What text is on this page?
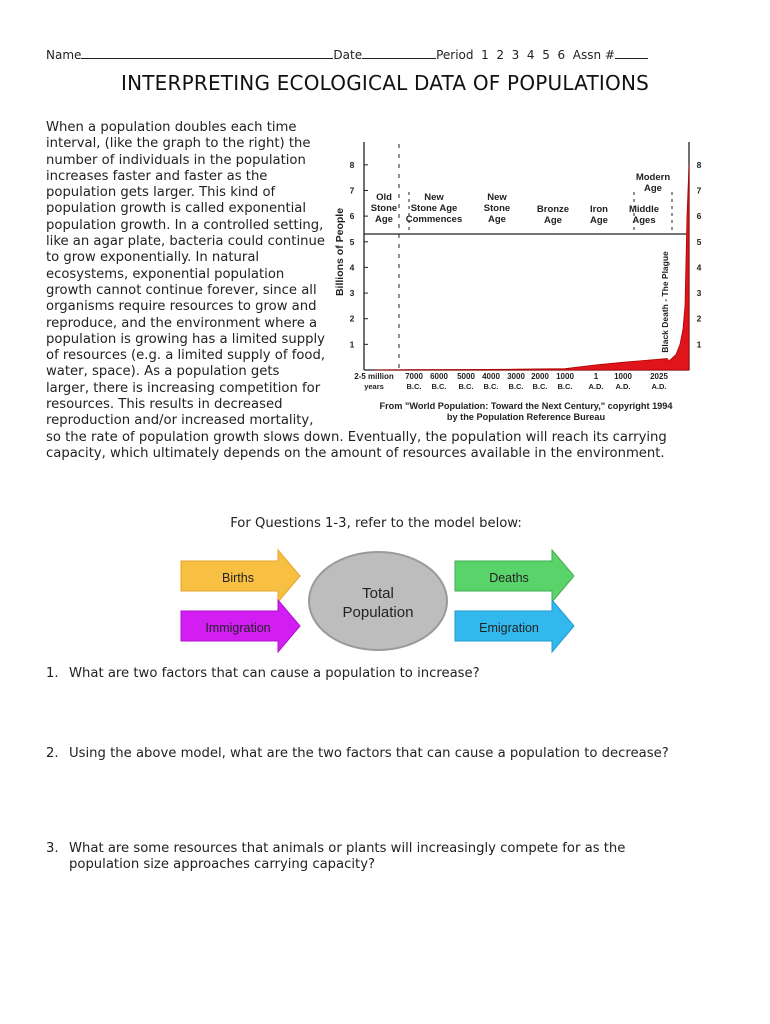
Name	Date	Period  1  2  3  4  5  6 Assn #
INTERPRETING ECOLOGICAL DATA OF POPULATIONS
1
2
3
4
5
6
7
8
1
2
3
4
5
6
7
8
Billions of People
Old Stone Age
New Stone Age Commences
New Stone Age
Bronze Age
Iron Age
Middle Ages
Modern Age
Black Death - The Plague
2-5 million
years
7000
B.C.
6000
B.C.
5000
B.C.
4000
B.C.
3000
B.C.
2000
B.C.
1000
B.C.
1
A.D.
1000
A.D.
2025
A.D.
From "World Population: Toward the Next Century," copyright 1994
by the Population Reference Bureau
When a population doubles each time interval, (like the graph to the right) the number of individuals in the population increases faster and faster as the population gets larger. This kind of population growth is called exponential population growth. In a controlled setting, like an agar plate, bacteria could continue to grow exponentially. In natural ecosystems, exponential population growth cannot continue forever, since all organisms require resources to grow and reproduce, and the environment where a population is growing has a limited supply of resources (e.g. a limited supply of food, water, space). As a population gets larger, there is increasing competition for resources. This results in decreased reproduction and/or increased mortality, so the rate of population growth slows down. Eventually, the population will reach its carrying capacity, which ultimately depends on the amount of resources available in the environment.
For Questions 1-3, refer to the model below:
Births
Immigration
Total
Population
Deaths
Emigration
1. What are two factors that can cause a population to increase?
2. Using the above model, what are the two factors that can cause a population to decrease?
3. What are some resources that animals or plants will increasingly compete for as the population size approaches carrying capacity?
